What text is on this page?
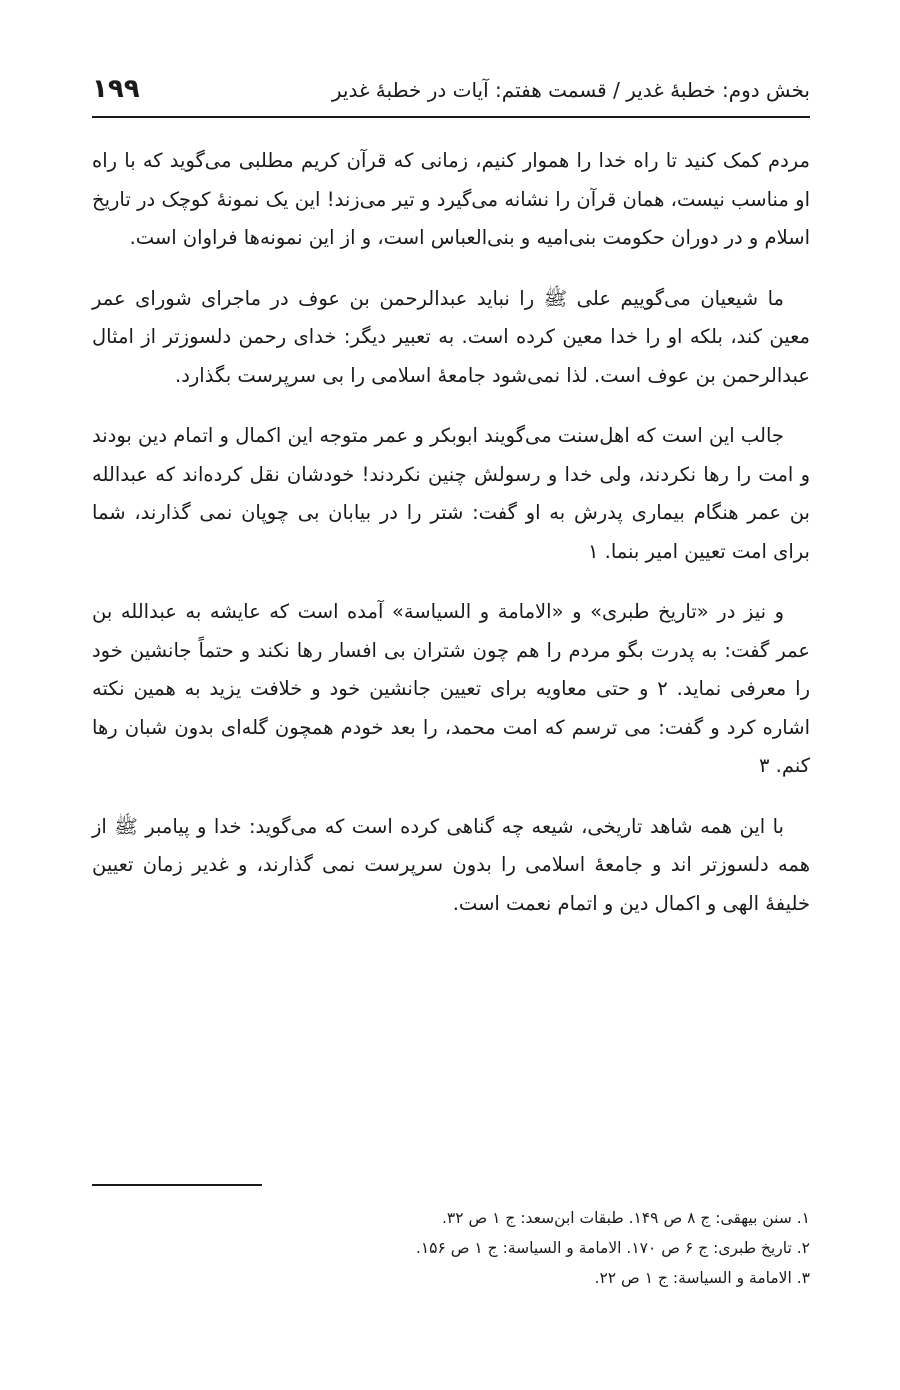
بخش دوم: خطبهٔ غدیر / قسمت هفتم: آیات در خطبهٔ غدیر
۱۹۹

مردم کمک کنید تا راه خدا را هموار کنیم، زمانی که قرآن کریم مطلبی می‌گوید که با راه او مناسب نیست، همان قرآن را نشانه می‌گیرد و تیر می‌زند! این یک نمونهٔ کوچک در تاریخ اسلام و در دوران حکومت بنی‌امیه و بنی‌العباس است، و از این نمونه‌ها فراوان است.

ما شیعیان می‌گوییم علی ﷺ را نباید عبدالرحمن بن عوف در ماجرای شورای عمر معین کند، بلکه او را خدا معین کرده است. به تعبیر دیگر: خدای رحمن دلسوزتر از امثال عبدالرحمن بن عوف است. لذا نمی‌شود جامعهٔ اسلامی را بی سرپرست بگذارد.

جالب این است که اهل‌سنت می‌گویند ابوبکر و عمر متوجه این اکمال و اتمام دین بودند و امت را رها نکردند، ولی خدا و رسولش چنین نکردند! خودشان نقل کرده‌اند که عبدالله بن عمر هنگام بیماری پدرش به او گفت: شتر را در بیابان بی چوپان نمی گذارند، شما برای امت تعیین امیر بنما. ۱

و نیز در «تاریخ طبری» و «الامامة و السیاسة» آمده است که عایشه به عبدالله بن عمر گفت: به پدرت بگو مردم را هم چون شتران بی افسار رها نکند و حتماً جانشین خود را معرفی نماید. ۲ و حتی معاویه برای تعیین جانشین خود و خلافت یزید به همین نکته اشاره کرد و گفت: می ترسم که امت محمد، را بعد خودم همچون گله‌ای بدون شبان رها کنم. ۳

با این همه شاهد تاریخی، شیعه چه گناهی کرده است که می‌گوید: خدا و پیامبر ﷺ از همه دلسوزتر اند و جامعهٔ اسلامی را بدون سرپرست نمی گذارند، و غدیر زمان تعیین خلیفهٔ الهی و اکمال دین و اتمام نعمت است.

۱. سنن بیهقی: ج ۸ ص ۱۴۹. طبقات ابن‌سعد: ج ۱ ص ۳۲.
۲. تاریخ طبری: ج ۶ ص ۱۷۰. الامامة و السیاسة: ج ۱ ص ۱۵۶.
۳. الامامة و السیاسة: ج ۱ ص ۲۲.
